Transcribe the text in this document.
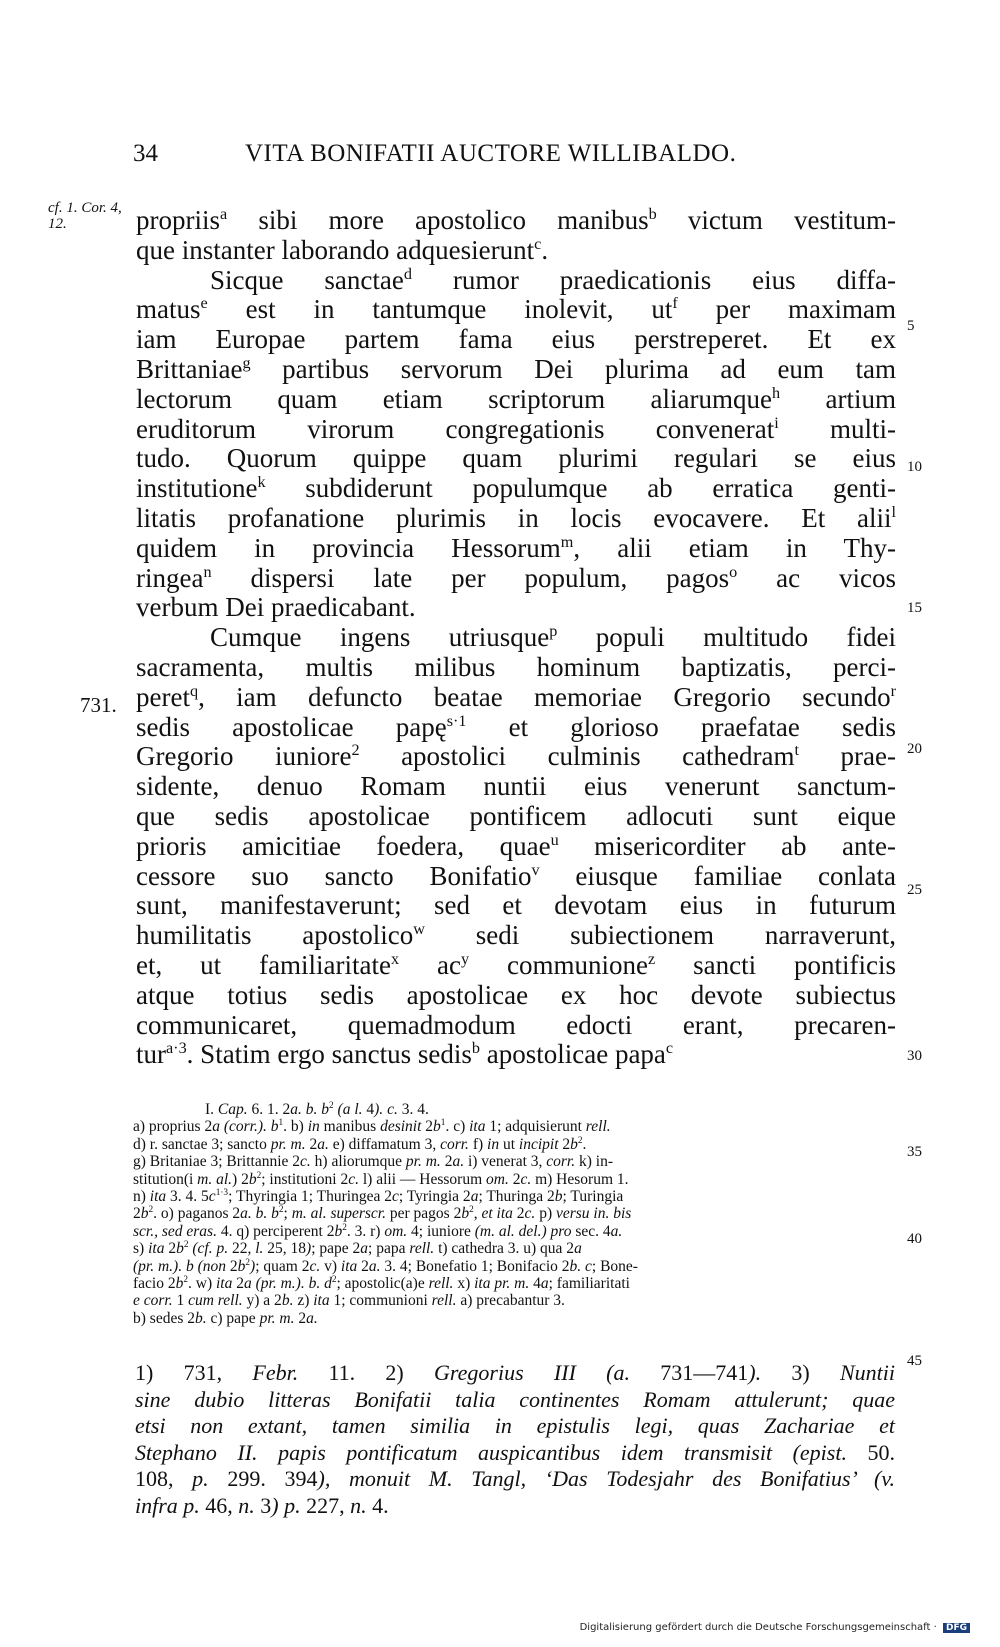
34	VITA BONIFATII AUCTORE WILLIBALDO.
cf. 1. Cor. 4, 12.
731.
propriis$^a$ sibi more apostolico manibus$^b$ victum vestitum-
que instanter laborando adquesierunt$^c$.
Sicque sanctae$^d$ rumor praedicationis eius diffa-
matus$^e$ est in tantumque inolevit, $ut^f$ per maximam
iam Europae partem fama eius perstreperet. Et ex
Brittaniae$^g$ partibus servorum Dei plurima ad eum tam
lectorum quam etiam scriptorum aliarumque$^h$ artium
eruditorum virorum congregationis convenerat$^i$ multi-
tudo. Quorum quippe quam plurimi regulari se eius
institutione$^k$ subdiderunt populumque ab erratica genti-
litatis profanatione plurimis in locis evocavere. Et alii$^l$
quidem in provincia Hessorum$^m$, alii etiam in Thy-
ringea$^n$ dispersi late per populum, pagos$^o$ ac vicos
verbum Dei praedicabant.
Cumque ingens utriusque$^p$ populi multitudo fidei
sacramenta, multis milibus hominum baptizatis, perci-
peret$^q$, iam defuncto beatae memoriae Gregorio secundo$^r$
sedis apostolicae papę$^{s\cdot 1}$ et glorioso praefatae sedis
Gregorio iuniore$^2$ apostolici culminis cathedram$^t$ prae-
sidente, denuo Romam nuntii eius venerunt sanctum-
que sedis apostolicae pontificem adlocuti sunt eique
prioris amicitiae foedera, quae$^u$ misericorditer ab ante-
cessore suo sancto Bonifatio$^v$ eiusque familiae conlata
sunt, manifestaverunt; sed et devotam eius in futurum
humilitatis apostolico$^w$ sedi subiectionem narraverunt,
et, ut familiaritate$^x$ $ac^y$ communione$^z$ sancti pontificis
atque totius sedis apostolicae ex hoc devote subiectus
communicaret, quemadmodum edocti erant, precaren-
tur$^{a\cdot 3}$. Statim ergo sanctus sedis$^b$ apostolicae papa$^c$
5
10
15
20
25
30
35
40
45
I. Cap. 6. 1. 2a. b. $b^2$ (a l. 4). c. 3. 4.
a) proprius 2a (corr.). $b^1$. b) in manibus desinit $2b^1$. c) ita 1; adquisierunt rell.
d) r. sanctae 3; sancto pr. m. 2a. e) diffamatum 3, corr. f) in ut incipit $2b^2$.
g) Britaniae 3; Brittannie 2c. h) aliorumque pr. m. 2a. i) venerat 3, corr. k) in-
stitution(i m. al.) $2b^2$; institutioni 2c. l) alii — Hessorum om. 2c. m) Hesorum 1.
n) ita 3. 4. $5c^{1\cdot 3}$; Thyringia 1; Thuringea 2c; Tyringia 2a; Thuringa 2b; Turingia
$2b^2$. o) paganos 2a. b. $b^2$; m. al. superscr. per pagos $2b^2$, et ita 2c. p) versu in. bis
scr., sed eras. 4. q) perciperent $2b^2$. 3. r) om. 4; iuniore (m. al. del.) pro sec. 4a.
s) ita $2b^2$ (cf. p. 22, l. 25, 18); pape 2a; papa rell. t) cathedra 3. u) qua 2a
(pr. m.). b (non $2b^2$); quam 2c. v) ita 2a. 3. 4; Bonefatio 1; Bonifacio 2b. c; Bone-
facio $2b^2$. w) ita 2a (pr. m.). b. $d^2$; apostolic(a)e rell. x) ita pr. m. 4a; familiaritati
e corr. 1 cum rell. y) a 2b. z) ita 1; communioni rell. a) precabantur 3.
b) sedes 2b. c) pape pr. m. 2a.
1) 731, Febr. 11. 2) Gregorius III (a. 731—741). 3) Nuntii
sine dubio litteras Bonifatii talia continentes Romam attulerunt; quae
etsi non extant, tamen similia in epistulis legi, quas Zachariae et
Stephano II. papis pontificatum auspicantibus idem transmisit (epist. 50.
108, p. 299. 394), monuit M. Tangl, ‘Das Todesjahr des Bonifatius’ (v.
infra p. 46, n. 3) p. 227, n. 4.
Digitalisierung gefördert durch die Deutsche Forschungsgemeinschaft · DFG
